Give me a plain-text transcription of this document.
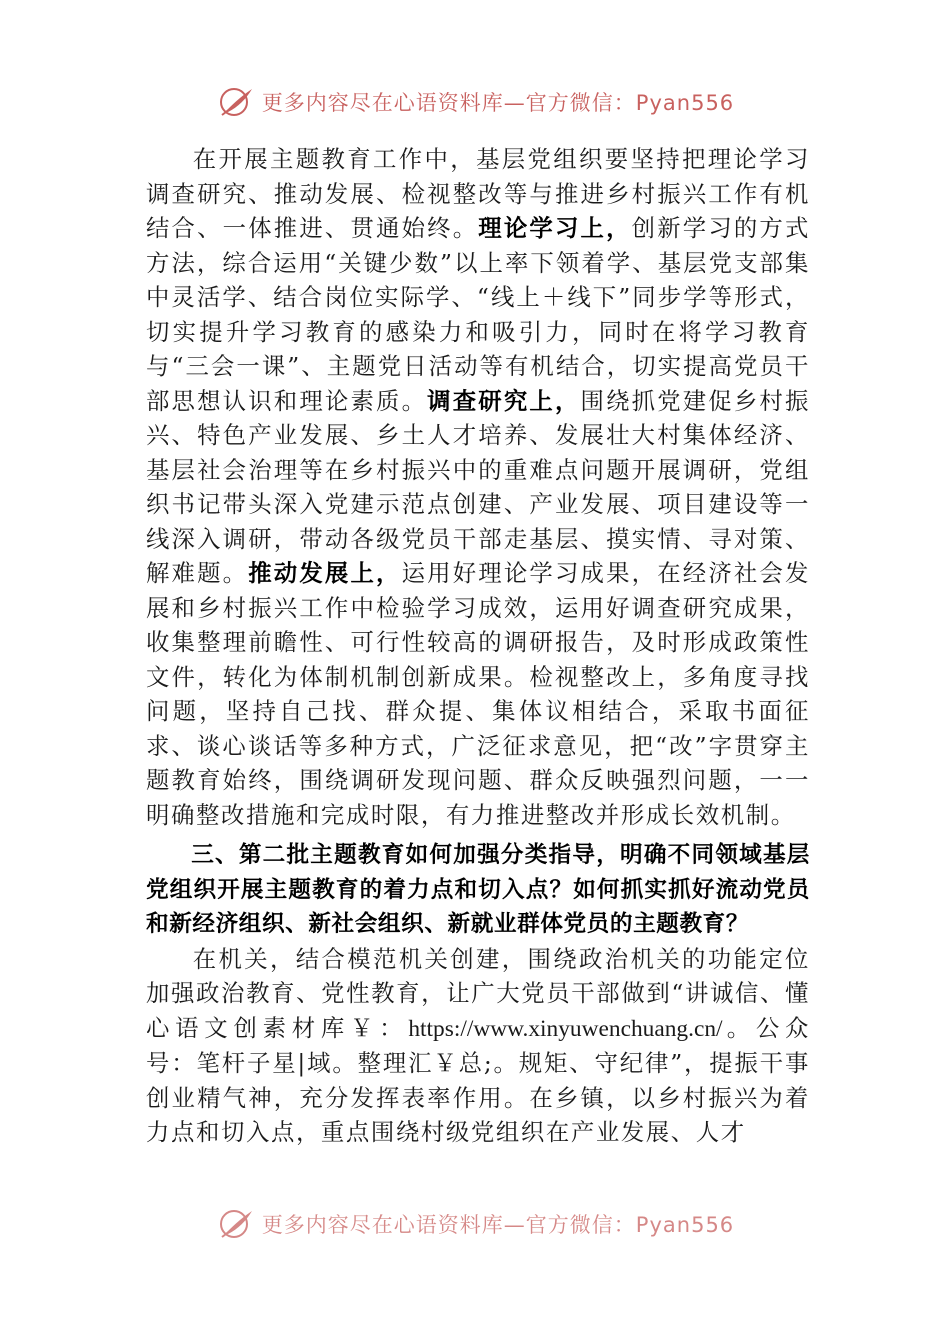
更多内容尽在心语资料库—官方微信：Pyan556

在开展主题教育工作中，基层党组织要坚持把理论学习调查研究、推动发展、检视整改等与推进乡村振兴工作有机结合、一体推进、贯通始终。理论学习上，创新学习的方式方法，综合运用“关键少数”以上率下领着学、基层党支部集中灵活学、结合岗位实际学、“线上＋线下”同步学等形式，切实提升学习教育的感染力和吸引力，同时在将学习教育与“三会一课”、主题党日活动等有机结合，切实提高党员干部思想认识和理论素质。调查研究上，围绕抓党建促乡村振兴、特色产业发展、乡土人才培养、发展壮大村集体经济、基层社会治理等在乡村振兴中的重难点问题开展调研，党组织书记带头深入党建示范点创建、产业发展、项目建设等一线深入调研，带动各级党员干部走基层、摸实情、寻对策、解难题。推动发展上，运用好理论学习成果，在经济社会发展和乡村振兴工作中检验学习成效，运用好调查研究成果，收集整理前瞻性、可行性较高的调研报告，及时形成政策性文件，转化为体制机制创新成果。检视整改上，多角度寻找问题，坚持自己找、群众提、集体议相结合，采取书面征求、谈心谈话等多种方式，广泛征求意见，把“改”字贯穿主题教育始终，围绕调研发现问题、群众反映强烈问题，一一明确整改措施和完成时限，有力推进整改并形成长效机制。

三、第二批主题教育如何加强分类指导，明确不同领域基层党组织开展主题教育的着力点和切入点？如何抓实抓好流动党员和新经济组织、新社会组织、新就业群体党员的主题教育？

在机关，结合模范机关创建，围绕政治机关的功能定位加强政治教育、党性教育，让广大党员干部做到“讲诚信、懂心语文创素材库￥：https://www.xinyuwenchuang.cn/。公众号：笔杆子星|域。整理汇￥总;。规矩、守纪律”，提振干事创业精气神，充分发挥表率作用。在乡镇，以乡村振兴为着力点和切入点，重点围绕村级党组织在产业发展、人才

更多内容尽在心语资料库—官方微信：Pyan556
